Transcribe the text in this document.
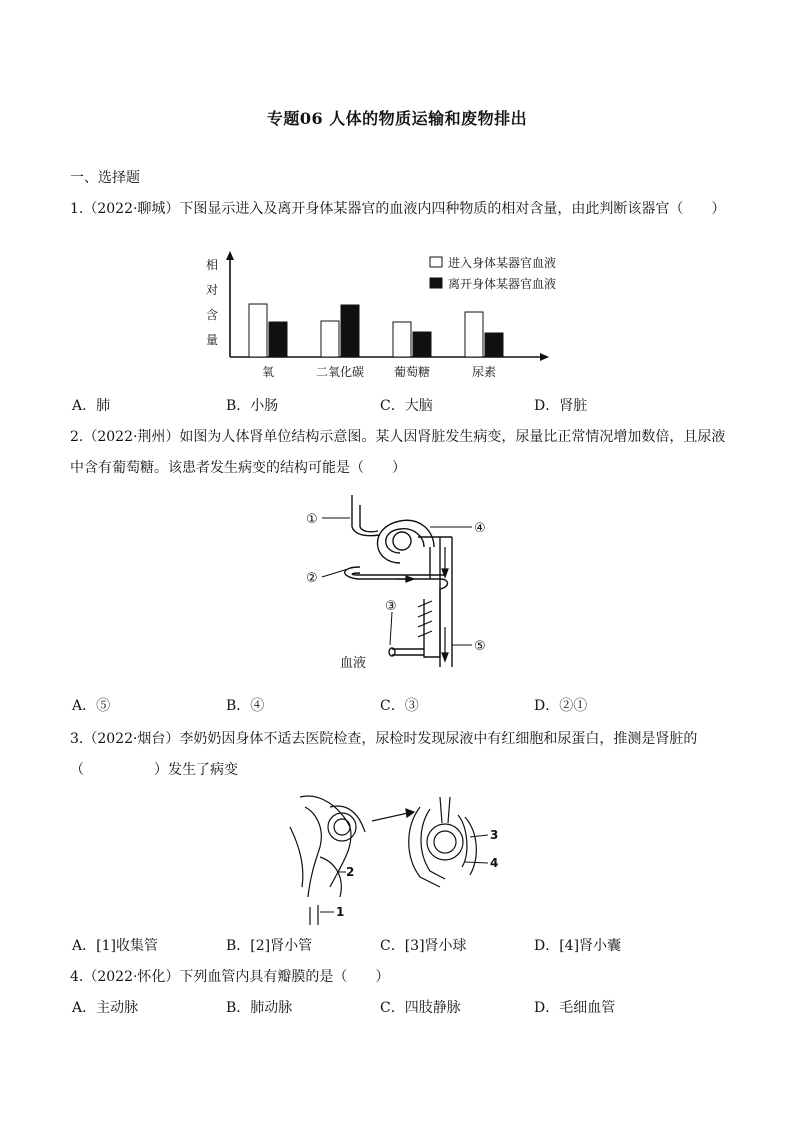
专题06 人体的物质运输和废物排出
一、选择题
1.（2022·聊城）下图显示进入及离开身体某器官的血液内四种物质的相对含量，由此判断该器官（　　）
相
对
含
量
氧	二氧化碳 葡萄糖	尿素
进入身体某器官血液
离开身体某器官血液
A．肺	B．小肠	C．大脑	D．肾脏
2.（2022·荆州）如图为人体肾单位结构示意图。某人因肾脏发生病变，尿量比正常情况增加数倍，且尿液
中含有葡萄糖。该患者发生病变的结构可能是（　　）
①
②
③
④
⑤
血液
A．⑤	B．④	C．③	D．②①
3.（2022·烟台）李奶奶因身体不适去医院检查，尿检时发现尿液中有红细胞和尿蛋白，推测是肾脏的
（　　　　　）发生了病变
1
2
3
4
A．[1]收集管	B．[2]肾小管	C．[3]肾小球	D．[4]肾小囊
4.（2022·怀化）下列血管内具有瓣膜的是（　　）
A．主动脉	B．肺动脉	C．四肢静脉	D．毛细血管
